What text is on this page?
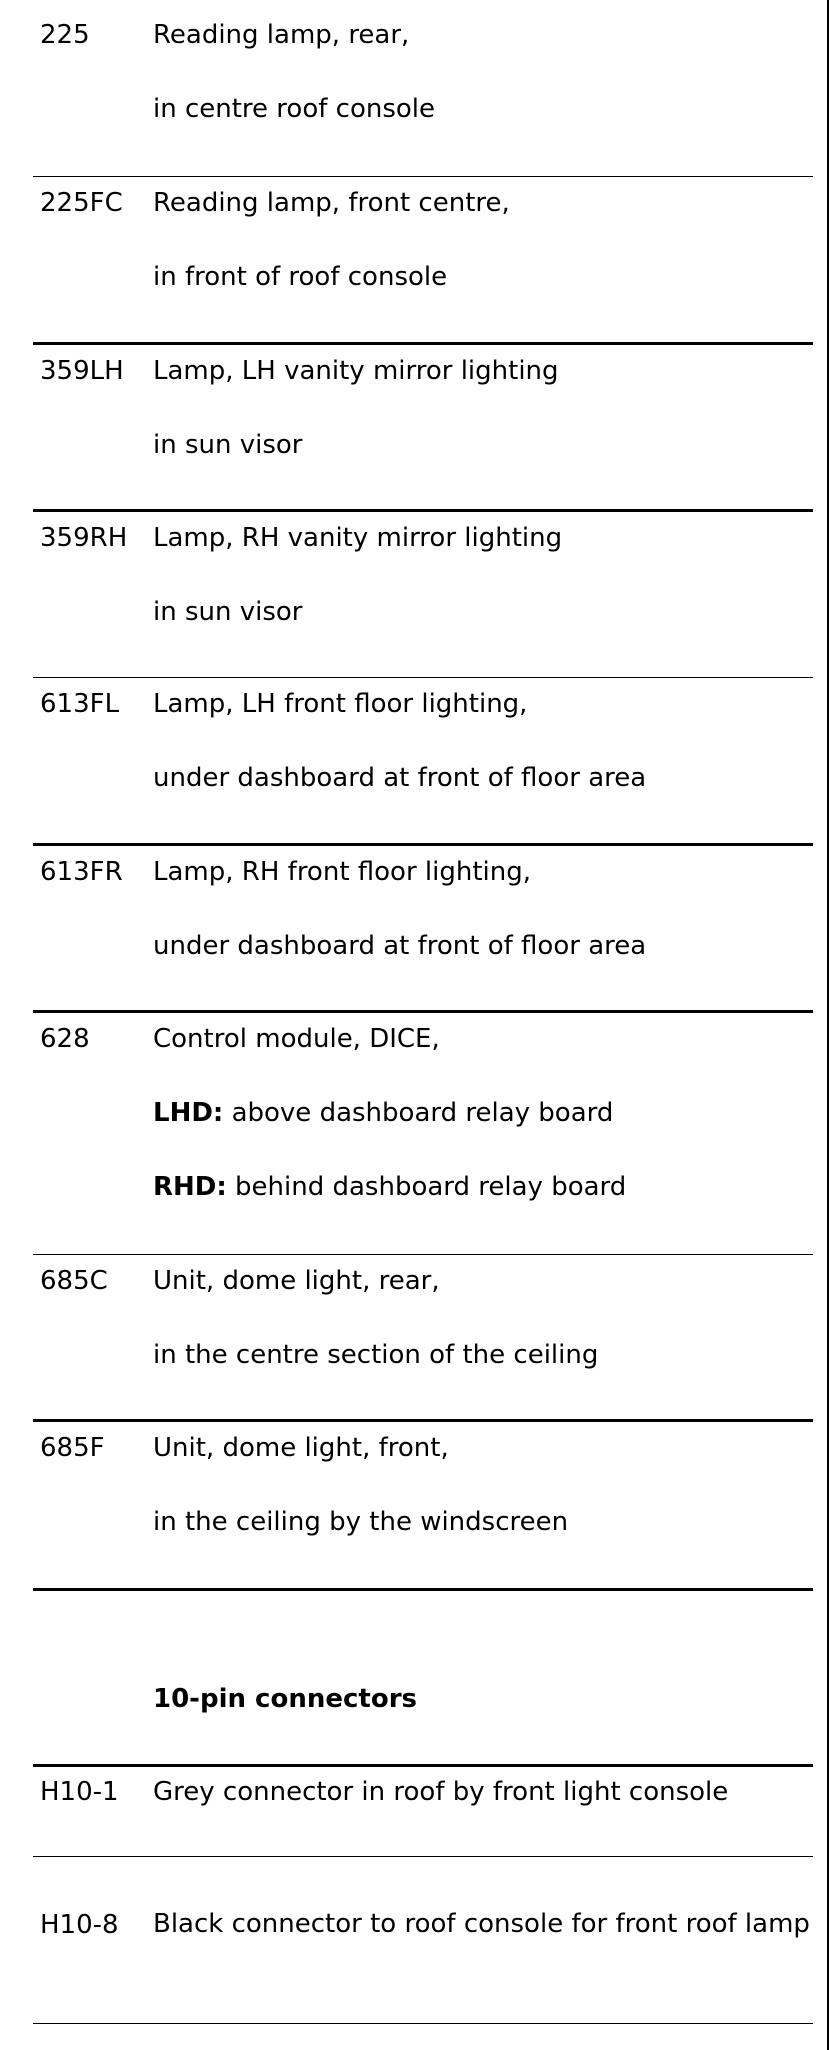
225 Reading lamp, rear,
in centre roof console
225FC Reading lamp, front centre,
in front of roof console
359LH Lamp, LH vanity mirror lighting
in sun visor
359RH Lamp, RH vanity mirror lighting
in sun visor
613FL Lamp, LH front floor lighting,
under dashboard at front of floor area
613FR Lamp, RH front floor lighting,
under dashboard at front of floor area
628 Control module, DICE,
LHD: above dashboard relay board
RHD: behind dashboard relay board
685C Unit, dome light, rear,
in the centre section of the ceiling
685F Unit, dome light, front,
in the ceiling by the windscreen
10-pin connectors
H10-1 Grey connector in roof by front light console
H10-8 Black connector to roof console for front roof lamp
